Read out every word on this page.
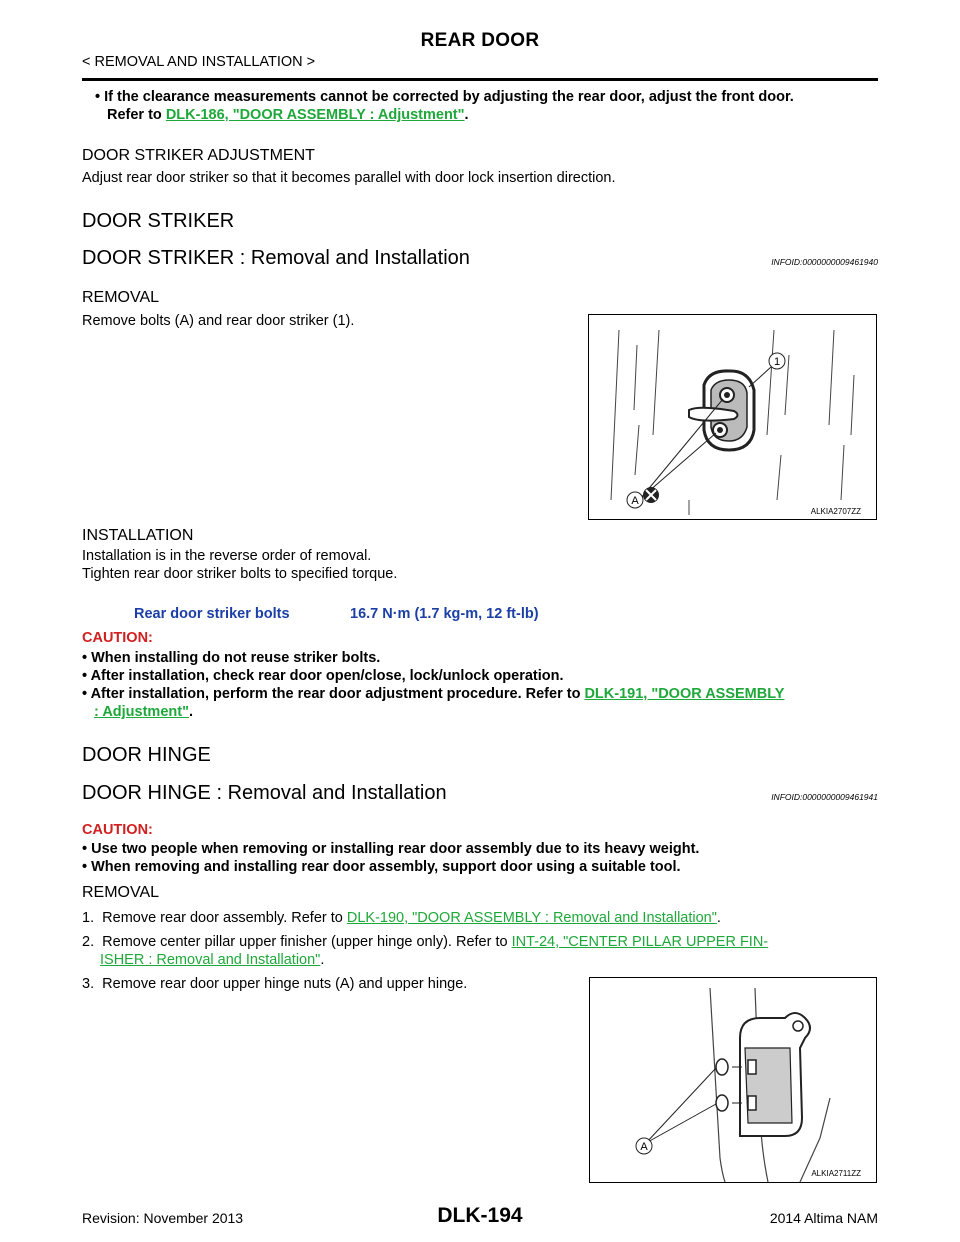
REAR DOOR
< REMOVAL AND INSTALLATION >
• If the clearance measurements cannot be corrected by adjusting the rear door, adjust the front door.
Refer to DLK-186, "DOOR ASSEMBLY : Adjustment".
DOOR STRIKER ADJUSTMENT
Adjust rear door striker so that it becomes parallel with door lock insertion direction.
DOOR STRIKER
DOOR STRIKER : Removal and Installation	INFOID:0000000009461940
REMOVAL
Remove bolts (A) and rear door striker (1).
1
A
ALKIA2707ZZ
INSTALLATION
Installation is in the reverse order of removal.
Tighten rear door striker bolts to specified torque.
Rear door striker bolts	16.7 N·m (1.7 kg-m, 12 ft-lb)
CAUTION:
• When installing do not reuse striker bolts.
• After installation, check rear door open/close, lock/unlock operation.
• After installation, perform the rear door adjustment procedure. Refer to DLK-191, "DOOR ASSEMBLY
: Adjustment".
DOOR HINGE
DOOR HINGE : Removal and Installation	INFOID:0000000009461941
CAUTION:
• Use two people when removing or installing rear door assembly due to its heavy weight.
• When removing and installing rear door assembly, support door using a suitable tool.
REMOVAL
1. Remove rear door assembly. Refer to DLK-190, "DOOR ASSEMBLY : Removal and Installation".
2. Remove center pillar upper finisher (upper hinge only). Refer to INT-24, "CENTER PILLAR UPPER FIN-
ISHER : Removal and Installation".
3. Remove rear door upper hinge nuts (A) and upper hinge.
A
ALKIA2711ZZ
Revision: November 2013	DLK-194	2014 Altima NAM
